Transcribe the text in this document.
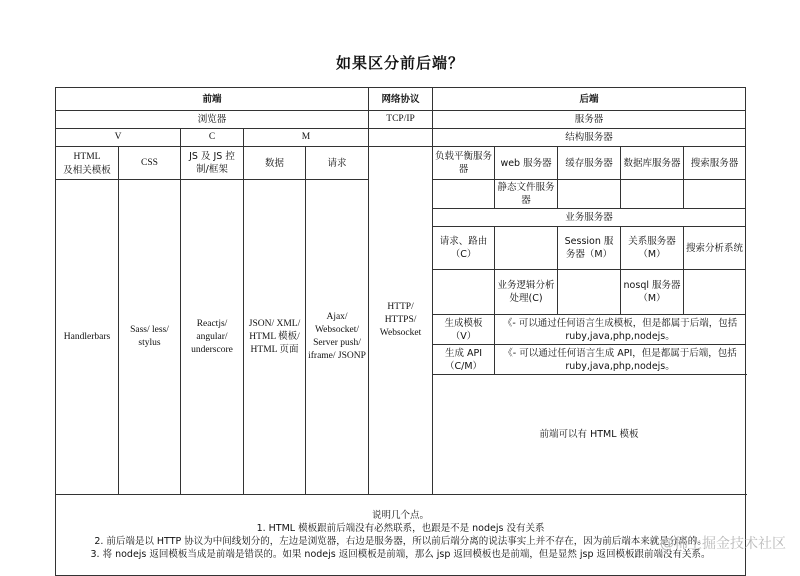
如果区分前后端？
前端					网络协议	后端					
浏览器					TCP/IP	服务器					
V		C	M			结构服务器					
HTML
及相关模板	CSS	JS 及 JS 控制/框架	数据	请求	HTTP/ HTTPS/ Websocket	负载平衡服务器	web 服务器	缓存服务器	数据库服务器	搜索服务器	
Handlerbars	Sass/ less/ stylus	Reactjs/ angular/ underscore	JSON/ XML/ HTML 模板/ HTML 页面	Ajax/ Websocket/ Server push/ iframe/ JSONP			静态文件服务器				
						业务服务器					
						请求、路由（C）		Session 服务器（M）	关系服务器（M）	搜索分析系统	
							业务逻辑分析处理(C)		nosql 服务器（M）		
						生成模板（V）	《- 可以通过任何语言生成模板，但是都属于后端，包括 ruby,java,php,nodejs。				
						生成 API（C/M）	《- 可以通过任何语言生成 API，但是都属于后端，包括 ruby,java,php,nodejs。				
						前端可以有 HTML 模板		

说明几个点。
1. HTML 模板跟前后端没有必然联系，也跟是不是 nodejs 没有关系
2. 前后端是以 HTTP 协议为中间线划分的，左边是浏览器，右边是服务器，所以前后端分离的说法事实上并不存在，因为前后端本来就是分离的。
3. 将 nodejs 返回模板当成是前端是错误的。如果 nodejs 返回模板是前端，那么 jsp 返回模板也是前端，但是显然 jsp 返回模板跟前端没有关系。											
@稀土掘金技术社区
